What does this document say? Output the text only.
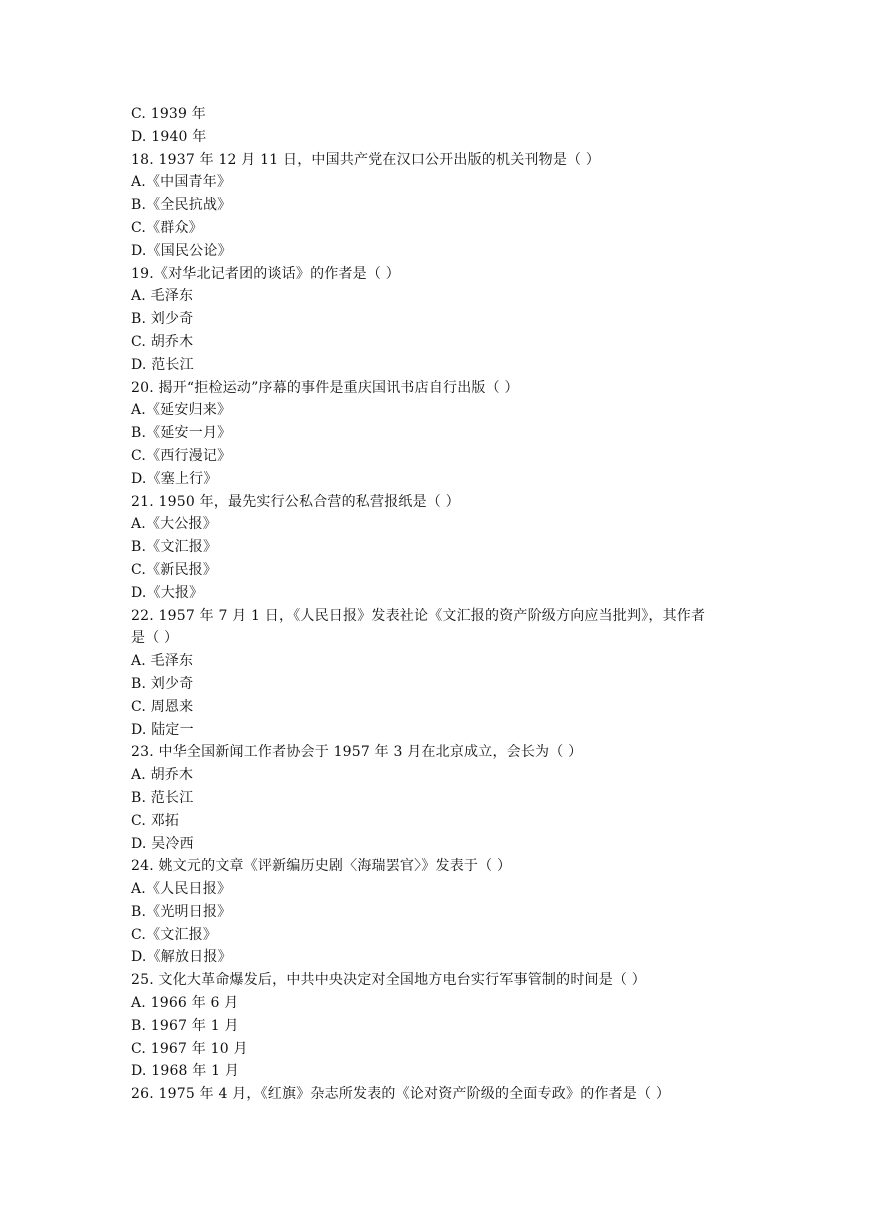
C. 1939 年
D. 1940 年
18. 1937 年 12 月 11 日，中国共产党在汉口公开出版的机关刊物是（ ）
A.《中国青年》
B.《全民抗战》
C.《群众》
D.《国民公论》
19.《对华北记者团的谈话》的作者是（ ）
A. 毛泽东
B. 刘少奇
C. 胡乔木
D. 范长江
20. 揭开“拒检运动”序幕的事件是重庆国讯书店自行出版（ ）
A.《延安归来》
B.《延安一月》
C.《西行漫记》
D.《塞上行》
21. 1950 年，最先实行公私合营的私营报纸是（ ）
A.《大公报》
B.《文汇报》
C.《新民报》
D.《大报》
22. 1957 年 7 月 1 日，《人民日报》发表社论《文汇报的资产阶级方向应当批判》，其作者
是（ ）
A. 毛泽东
B. 刘少奇
C. 周恩来
D. 陆定一
23. 中华全国新闻工作者协会于 1957 年 3 月在北京成立，会长为（ ）
A. 胡乔木
B. 范长江
C. 邓拓
D. 吴冷西
24. 姚文元的文章《评新编历史剧〈海瑞罢官〉》发表于（ ）
A.《人民日报》
B.《光明日报》
C.《文汇报》
D.《解放日报》
25. 文化大革命爆发后，中共中央决定对全国地方电台实行军事管制的时间是（ ）
A. 1966 年 6 月
B. 1967 年 1 月
C. 1967 年 10 月
D. 1968 年 1 月
26. 1975 年 4 月，《红旗》杂志所发表的《论对资产阶级的全面专政》的作者是（ ）
